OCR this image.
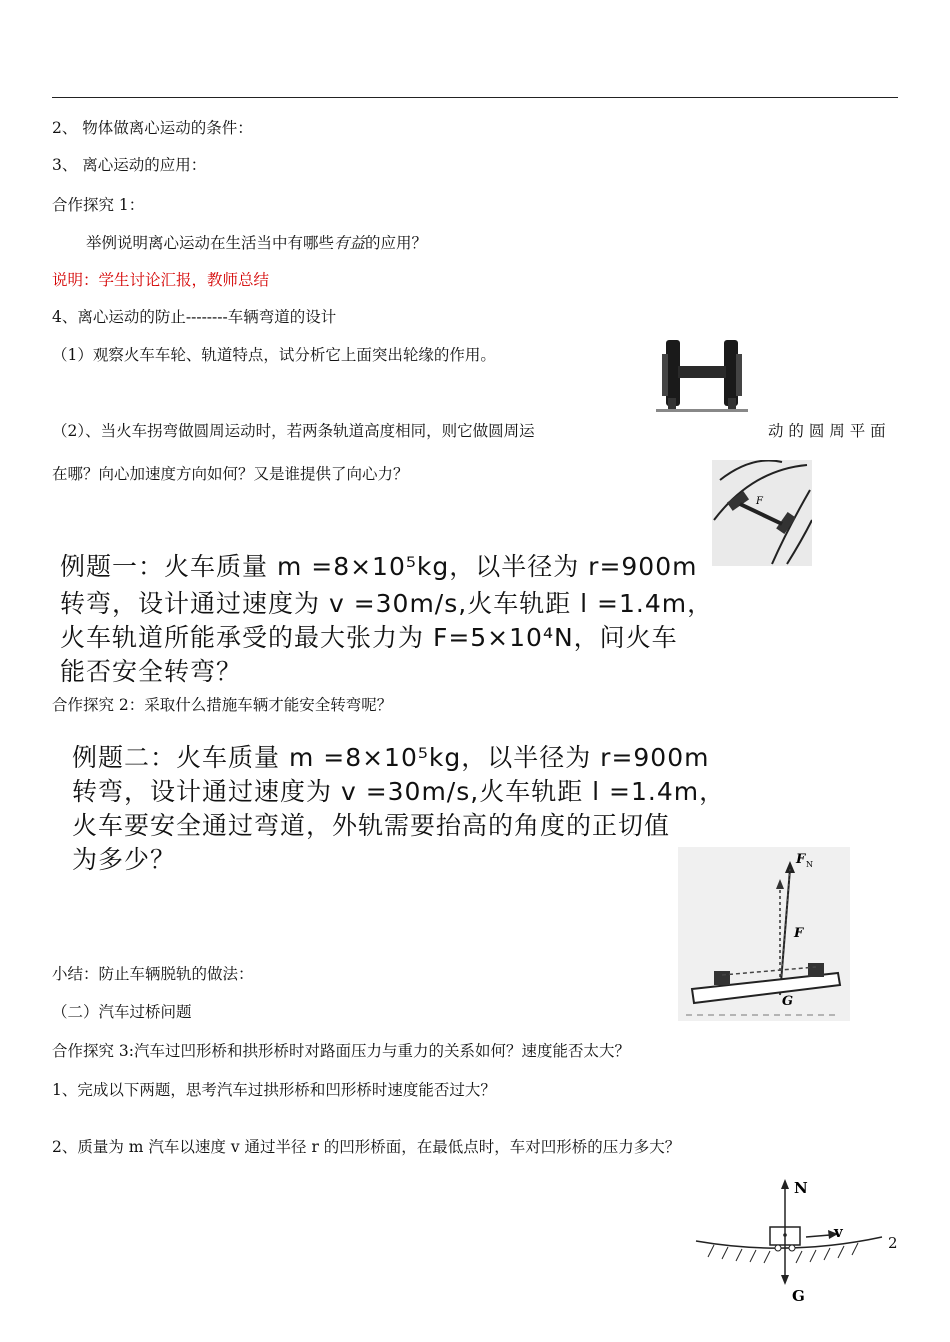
2、 物体做离心运动的条件：
3、 离心运动的应用：
合作探究 1：
举例说明离心运动在生活当中有哪些有益的应用？
说明：学生讨论汇报，教师总结
4、离心运动的防止--------车辆弯道的设计
（1）观察火车车轮、轨道特点，试分析它上面突出轮缘的作用。
（2）、当火车拐弯做圆周运动时，若两条轨道高度相同，则它做圆周运	动 的 圆 周 平 面
在哪？向心加速度方向如何？又是谁提供了向心力？
F
例题一：火车质量 m =8×10⁵kg，以半径为 r=900m
转弯，设计通过速度为 v =30m/s,火车轨距 l =1.4m，
火车轨道所能承受的最大张力为 F=5×10⁴N，问火车
能否安全转弯？
合作探究 2：采取什么措施车辆才能安全转弯呢？
例题二：火车质量 m =8×10⁵kg，以半径为 r=900m
转弯，设计通过速度为 v =30m/s,火车轨距 l =1.4m，
火车要安全通过弯道，外轨需要抬高的角度的正切值
为多少？	F N
F
G
小结：防止车辆脱轨的做法：
（二）汽车过桥问题
合作探究 3:汽车过凹形桥和拱形桥时对路面压力与重力的关系如何？速度能否太大？
1、完成以下两题，思考汽车过拱形桥和凹形桥时速度能否过大？
2、质量为 m 汽车以速度 v 通过半径 r 的凹形桥面，在最低点时，车对凹形桥的压力多大？
N
v
G
2
